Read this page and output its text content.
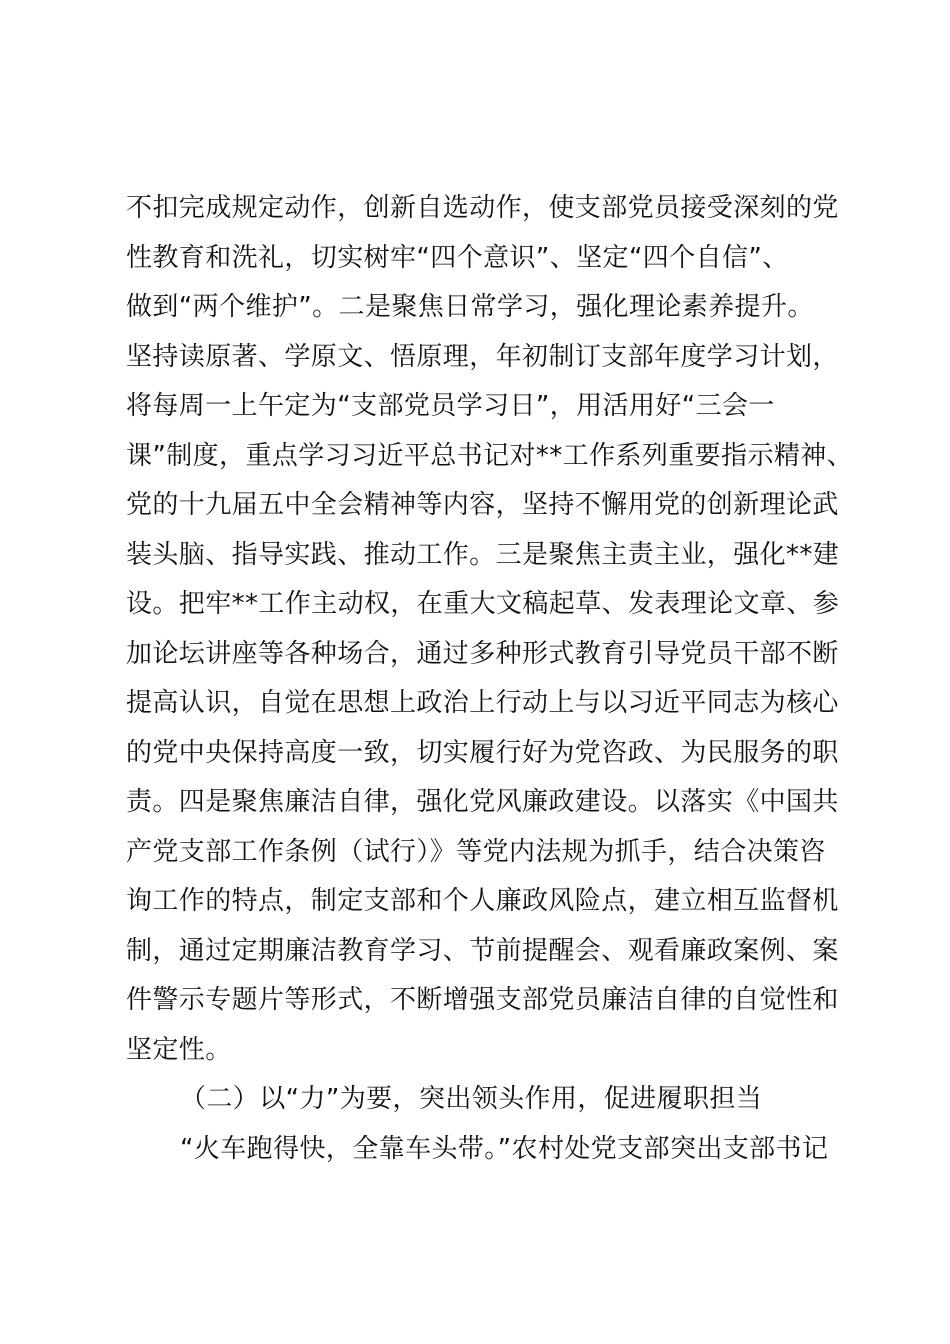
不扣完成规定动作，创新自选动作，使支部党员接受深刻的党
性教育和洗礼，切实树牢“四个意识”、坚定“四个自信”、
做到“两个维护”。二是聚焦日常学习，强化理论素养提升。
坚持读原著、学原文、悟原理，年初制订支部年度学习计划，
将每周一上午定为“支部党员学习日”，用活用好“三会一
课”制度，重点学习习近平总书记对**工作系列重要指示精神、
党的十九届五中全会精神等内容，坚持不懈用党的创新理论武
装头脑、指导实践、推动工作。三是聚焦主责主业，强化**建
设。把牢**工作主动权，在重大文稿起草、发表理论文章、参
加论坛讲座等各种场合，通过多种形式教育引导党员干部不断
提高认识，自觉在思想上政治上行动上与以习近平同志为核心
的党中央保持高度一致，切实履行好为党咨政、为民服务的职
责。四是聚焦廉洁自律，强化党风廉政建设。以落实《中国共
产党支部工作条例（试行）》等党内法规为抓手，结合决策咨
询工作的特点，制定支部和个人廉政风险点，建立相互监督机
制，通过定期廉洁教育学习、节前提醒会、观看廉政案例、案
件警示专题片等形式，不断增强支部党员廉洁自律的自觉性和
坚定性。
（二）以“力”为要，突出领头作用，促进履职担当
“火车跑得快，全靠车头带。”农村处党支部突出支部书记
